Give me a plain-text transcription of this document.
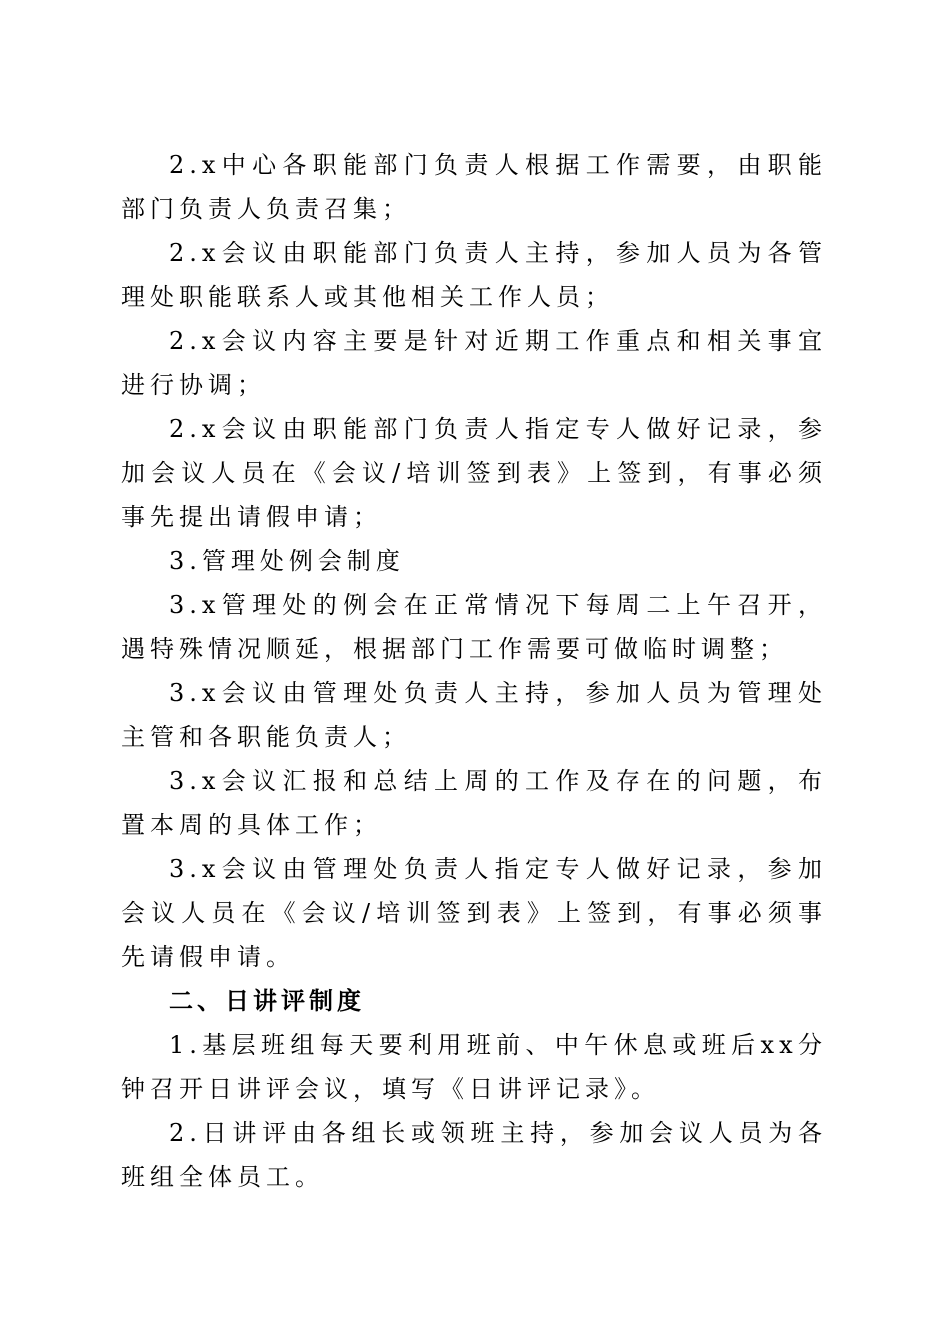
2.x中心各职能部门负责人根据工作需要，由职能部门负责人负责召集；

2.x会议由职能部门负责人主持，参加人员为各管理处职能联系人或其他相关工作人员；

2.x会议内容主要是针对近期工作重点和相关事宜进行协调；

2.x会议由职能部门负责人指定专人做好记录，参加会议人员在《会议/培训签到表》上签到，有事必须事先提出请假申请；

3.管理处例会制度

3.x管理处的例会在正常情况下每周二上午召开，遇特殊情况顺延，根据部门工作需要可做临时调整；

3.x会议由管理处负责人主持，参加人员为管理处主管和各职能负责人；

3.x会议汇报和总结上周的工作及存在的问题，布置本周的具体工作；

3.x会议由管理处负责人指定专人做好记录，参加会议人员在《会议/培训签到表》上签到，有事必须事先请假申请。

二、日讲评制度

1.基层班组每天要利用班前、中午休息或班后xx分钟召开日讲评会议，填写《日讲评记录》。

2.日讲评由各组长或领班主持，参加会议人员为各班组全体员工。
